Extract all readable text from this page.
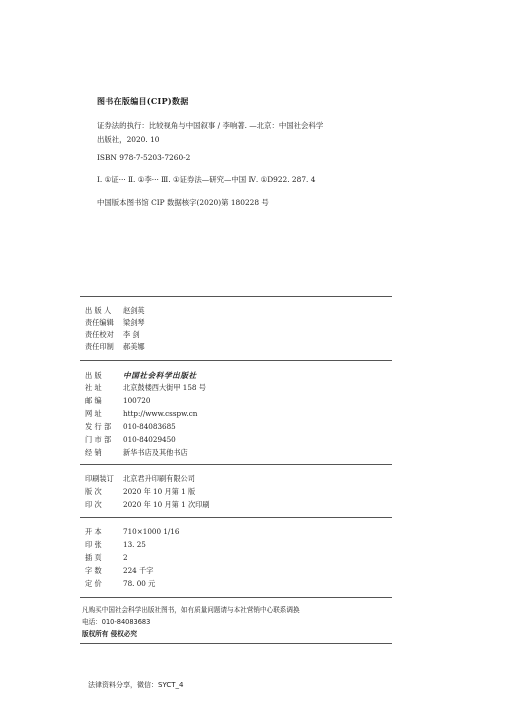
图书在版编目(CIP)数据
证券法的执行：比较视角与中国叙事 / 李响著. —北京：中国社会科学
出版社，2020. 10
ISBN 978-7-5203-7260-2
Ⅰ. ①证··· Ⅱ. ①李··· Ⅲ. ①证券法—研究—中国 Ⅳ. ①D922. 287. 4
中国版本图书馆 CIP 数据核字(2020)第 180228 号
出 版 人 赵剑英
责任编辑 梁剑琴
责任校对 李 剑
责任印制 郝美娜
出 版	中国社会科学出版社
社 址	北京鼓楼西大街甲 158 号
邮 编	100720
网 址	http://www.csspw.cn
发 行 部 010-84083685
门 市 部 010-84029450
经 销	新华书店及其他书店
印刷装订 北京君升印刷有限公司
版 次	2020 年 10 月第 1 版
印 次	2020 年 10 月第 1 次印刷
开 本	710×1000 1/16
印 张	13. 25
插 页	2
字 数	224 千字
定 价	78. 00 元
凡购买中国社会科学出版社图书，如有质量问题请与本社营销中心联系调换
电话：010-84083683
版权所有 侵权必究
法律资料分享，微信：SYCT_4
